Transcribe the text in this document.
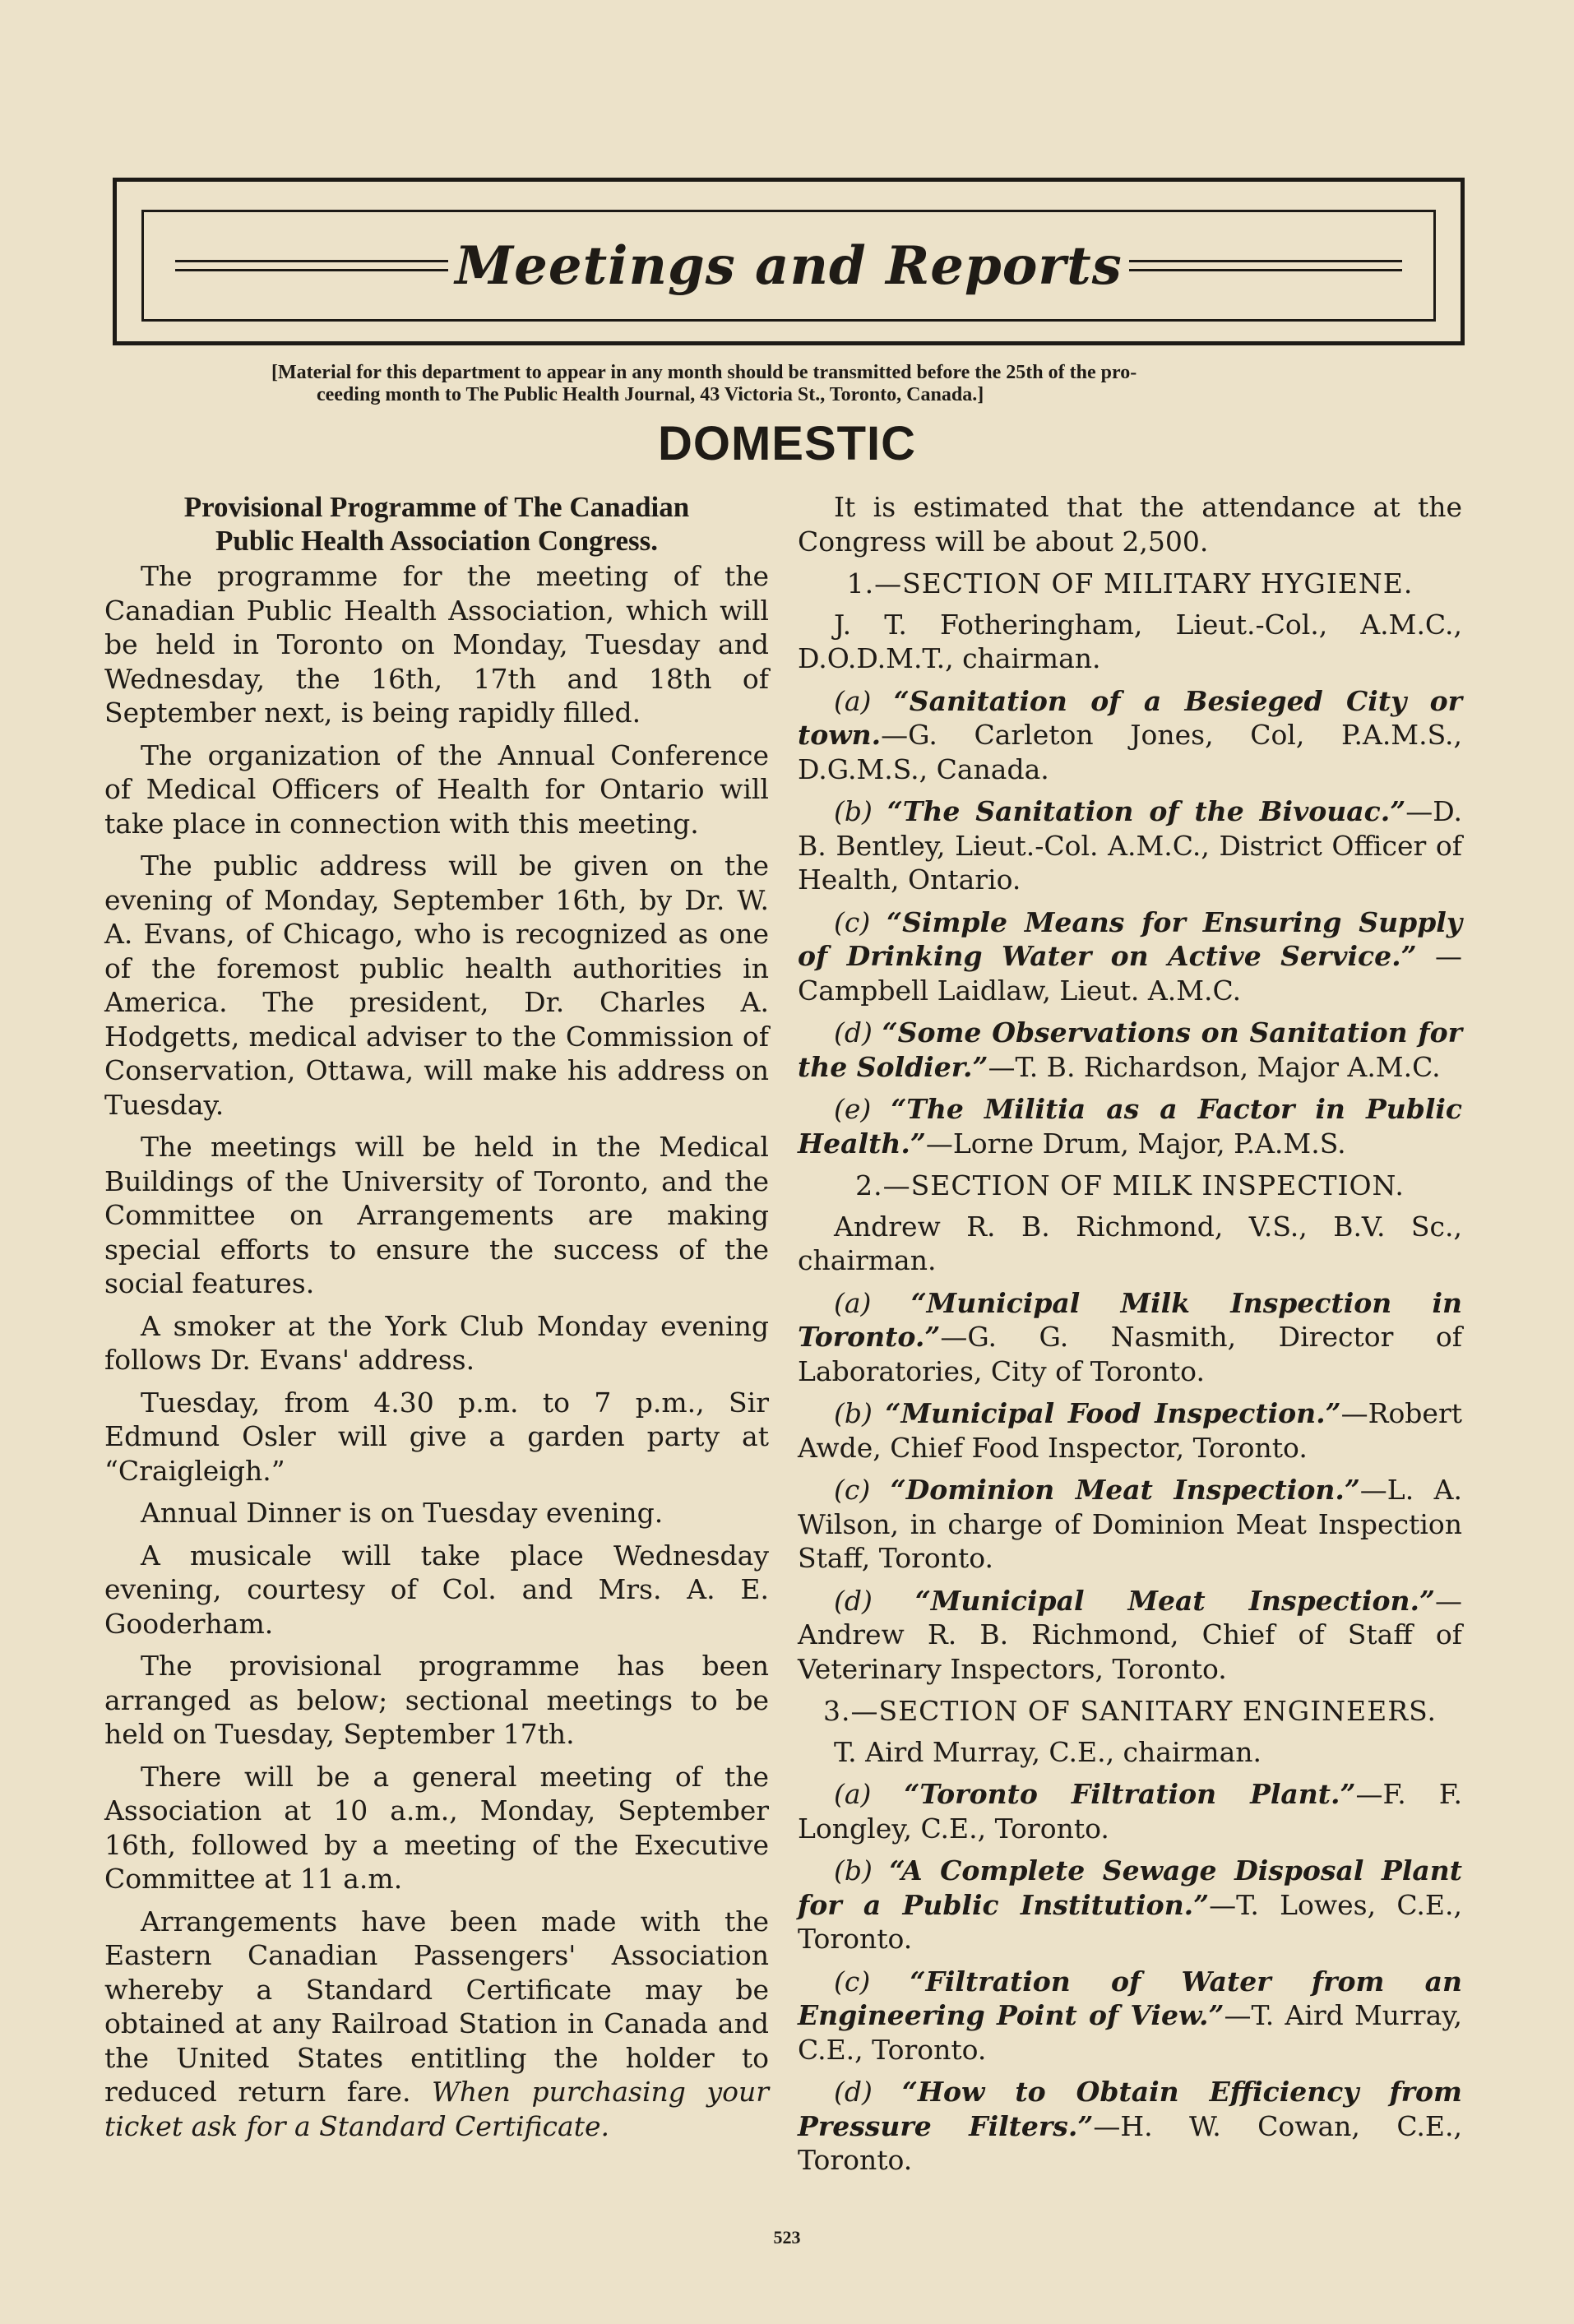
Meetings and Reports
[Material for this department to appear in any month should be transmitted before the 25th of the pro-
ceeding month to The Public Health Journal, 43 Victoria St., Toronto, Canada.]
DOMESTIC
Provisional Programme of The Canadian
Public Health Association Congress.

The programme for the meeting of the Canadian Public Health Association, which will be held in Toronto on Monday, Tuesday and Wednesday, the 16th, 17th and 18th of September next, is being rapidly filled.

The organization of the Annual Conference of Medical Officers of Health for Ontario will take place in connection with this meeting.

The public address will be given on the evening of Monday, September 16th, by Dr. W. A. Evans, of Chicago, who is recognized as one of the foremost public health authorities in America. The president, Dr. Charles A. Hodgetts, medical adviser to the Commission of Conservation, Ottawa, will make his address on Tuesday.

The meetings will be held in the Medical Buildings of the University of Toronto, and the Committee on Arrangements are making special efforts to ensure the success of the social features.

A smoker at the York Club Monday evening follows Dr. Evans' address.

Tuesday, from 4.30 p.m. to 7 p.m., Sir Edmund Osler will give a garden party at “Craigleigh.”

Annual Dinner is on Tuesday evening.

A musicale will take place Wednesday evening, courtesy of Col. and Mrs. A. E. Gooderham.

The provisional programme has been arranged as below; sectional meetings to be held on Tuesday, September 17th.

There will be a general meeting of the Association at 10 a.m., Monday, September 16th, followed by a meeting of the Executive Committee at 11 a.m.

Arrangements have been made with the Eastern Canadian Passengers' Association whereby a Standard Certificate may be obtained at any Railroad Station in Canada and the United States entitling the holder to reduced return fare. When purchasing your ticket ask for a Standard Certificate.

It is estimated that the attendance at the Congress will be about 2,500.

1.—SECTION OF MILITARY HYGIENE.

J. T. Fotheringham, Lieut.-Col., A.M.C., D.O.D.M.T., chairman.

(a) “Sanitation of a Besieged City or town.—G. Carleton Jones, Col, P.A.M.S., D.G.M.S., Canada.

(b) “The Sanitation of the Bivouac.”—D. B. Bentley, Lieut.-Col. A.M.C., District Officer of Health, Ontario.

(c) “Simple Means for Ensuring Supply of Drinking Water on Active Service.” —Campbell Laidlaw, Lieut. A.M.C.

(d) “Some Observations on Sanitation for the Soldier.”—T. B. Richardson, Major A.M.C.

(e) “The Militia as a Factor in Public Health.”—Lorne Drum, Major, P.A.M.S.

2.—SECTION OF MILK INSPECTION.

Andrew R. B. Richmond, V.S., B.V. Sc., chairman.

(a) “Municipal Milk Inspection in Toronto.”—G. G. Nasmith, Director of Laboratories, City of Toronto.

(b) “Municipal Food Inspection.”—Robert Awde, Chief Food Inspector, Toronto.

(c) “Dominion Meat Inspection.”—L. A. Wilson, in charge of Dominion Meat Inspection Staff, Toronto.

(d) “Municipal Meat Inspection.”—Andrew R. B. Richmond, Chief of Staff of Veterinary Inspectors, Toronto.

3.—SECTION OF SANITARY ENGINEERS.

T. Aird Murray, C.E., chairman.

(a) “Toronto Filtration Plant.”—F. F. Longley, C.E., Toronto.

(b) “A Complete Sewage Disposal Plant for a Public Institution.”—T. Lowes, C.E., Toronto.

(c) “Filtration of Water from an Engineering Point of View.”—T. Aird Murray, C.E., Toronto.

(d) “How to Obtain Efficiency from Pressure Filters.”—H. W. Cowan, C.E., Toronto.

523
